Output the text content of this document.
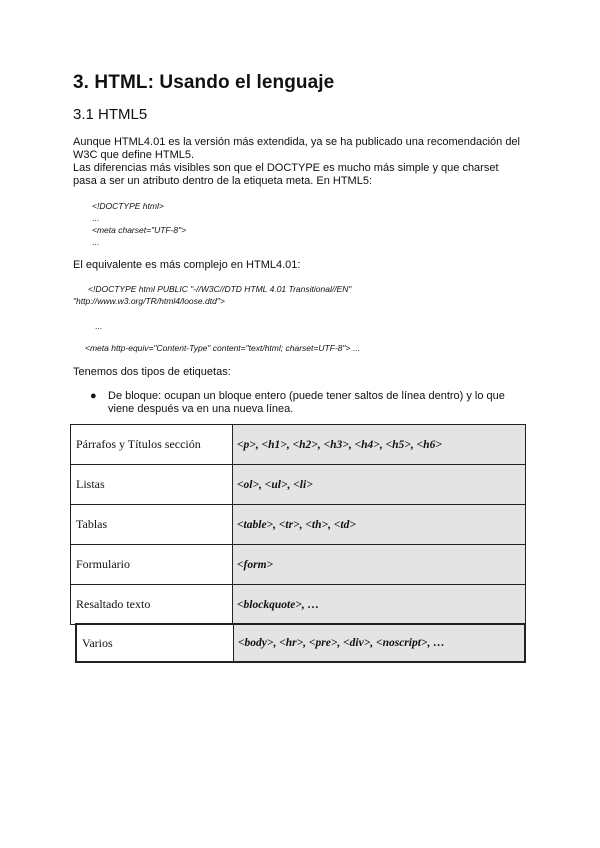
3. HTML: Usando el lenguaje
3.1 HTML5
Aunque HTML4.01 es la versión más extendida, ya se ha publicado una recomendación del
W3C que define HTML5.
Las diferencias más visibles son que el DOCTYPE es mucho más simple y que charset
pasa a ser un atributo dentro de la etiqueta meta. En HTML5:
<!DOCTYPE html>
...
<meta charset="UTF-8">
...
El equivalente es más complejo en HTML4.01:
<!DOCTYPE html PUBLIC "-//W3C//DTD HTML 4.01 Transitional//EN"
"http://www.w3.org/TR/html4/loose.dtd">
...
<meta http-equiv="Content-Type" content="text/html; charset=UTF-8"> ...
Tenemos dos tipos de etiquetas:
● De bloque: ocupan un bloque entero (puede tener saltos de línea dentro) y lo que
viene después va en una nueva línea.
Párrafos y Títulos sección	<p>, <h1>, <h2>, <h3>, <h4>, <h5>, <h6>
Listas	<ol>, <ul>, <li>
Tablas	<table>, <tr>, <th>, <td>
Formulario	<form>
Resaltado texto	<blockquote>, …
Varios	<body>, <hr>, <pre>, <div>, <noscript>, …
